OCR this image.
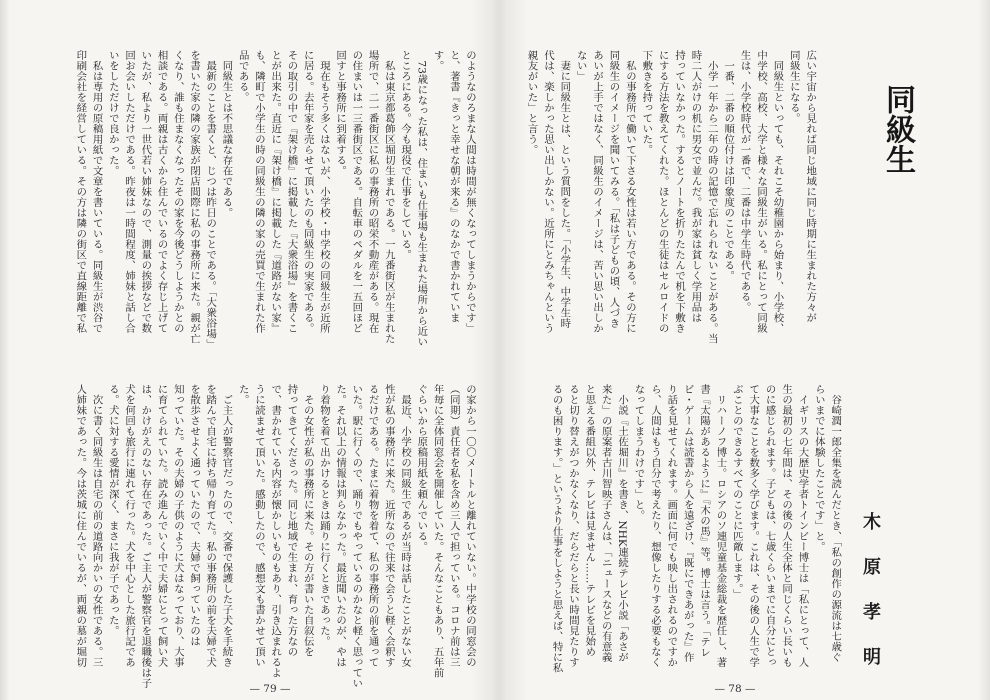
のようなのろまな人間は時間が無くなってしまうからです」
と、著書『きっと幸せな朝が来る』のなかで書かれていま
す。
　73歳になった私は、住まいも仕事場も生まれた場所から近い
ところにある。今も現役で仕事をしている。
　私は東京都葛飾区堀切生まれである。一九番街区が生まれた
場所で、二一番街区に私の事務所の昭栄不動産がある。現在
の住まいは一三番街区である。自転車のペダルを一五回ほど
回すと事務所に到着する。
　現在もそう多くはないが、小学校・中学校の同級生が近所
に居る。去年家を売らせて頂いたのも同級生の実家である。
その取引の中で『架け橋』に掲載した『大衆浴場』を書くこ
とが出来た。直近に『架け橋』に掲載した『道路がない家』
も、隣町で小学生の時の同級生の隣の家の売買で生まれた作
品である。
　同級生とは不思議な存在である。
　最新のことを書くと、じつは昨日のことである。「大衆浴場」
を書いた家の隣の家族が閉店間際に私の事務所に来た。親が亡
くなり、誰も住まなくなったその家を今後どうしようかとの
相談である。両親は古くから住んでいるのでよく存じ上げて
いたが、私より一世代若い姉妹なので、測量の挨拶などで数
回お会いしただけである。昨夜は一時間程度、姉妹と話し合
いをしただけで良かった。
　私は専用の原稿用紙で文章を書いている。同級生が渋谷で
印刷会社を経営している。その方は隣の街区で直線距離で私
の家から一〇〇メートルと離れていない。中学校の同窓会の
（同期）責任者を私を含め三人で担っている。コロナ前は三
年毎に全体同窓会を開催していた。そんなこともあり、五年前
ぐらいから原稿用紙を頼んでいる。
　最近、小学校の同級生であるが当時は話したことがない女
性が私の事務所に来た。近所なので往来で会うと軽く会釈す
るだけである。たまに着物を着て、私の事務所の前を通って
いた。駅に行くので、踊りでもやっているのかなと軽く思ってい
た。それ以上の情報は判らなかった。最近聞いたのが、やは
り着物を着て出かけるときは踊りに行くときであった。
　その女性が私の事務所に来た。その方が書いた自叙伝を
持ってきてくださった。同じ地域で生まれ、育った方なの
で、書かれている内容が懐かしいものもあり、引き込まれるよ
うに読ませて頂いた。感動したので、感想文も書かせて頂い
た。
　ご主人が警察官だったので、交番で保護した子犬を手続き
を踏んで自宅に持ち帰り育てた。私の事務所の前を夫婦で犬
を散歩させよく通っていたので、夫婦で飼っていたのは
知っていた。その夫婦の子供のように犬はなっており、大事
に育てられていた。読み進んでいく中で夫婦にとって飼い犬
は、かけがえのない存在であった。ご主人が警察官を退職後は子
犬を何回も旅行に連れて行った。犬を中心とした旅行記であ
る。犬に対する愛情が深く、まさに我が子であった。
　次に書く同級生は自宅の前の道路向かいの女性である。三
人姉妹であった。今は茨城に住んでいるが、両親の墓が堀切
— 79 —
同級生
木原孝明
広い宇宙から見れば同じ地域に同じ時期に生まれた方々が
同級生になる。
　同級生といっても、それこそ幼稚園から始まり、小学校、
中学校、高校、大学と様々な同級生がいる。私にとって同級
生は、小学校時代が一番で、二番は中学生時代である。
　一番、二番の順位付けは印象度のことである。
　小学一年から二年の時の記憶で忘れられないことがある。当
時二人がけの机に男女で並んだ。我が家は貧しく学用品は
持っていなかった。するとノートを折りたたんで机を下敷き
にする方法を教えてくれた。ほとんどの生徒はセルロイドの
下敷きを持っていた。
　私の事務所で働いて下さる女性は若い方である。その方に
同級生のイメージを聞いてみる。「私は子どもの頃、人づき
あいが上手ではなく、同級生のイメージは、苦い思い出しか
ない」
　妻に同級生とは、という質問をした。「小学生、中学生時
代は、楽しかった思い出しかない。近所にとみちゃんという
親友がいた」と言う。
　谷崎潤一郎全集を読んだとき、「私の創作の源流は七歳ぐ
らいまでに体験したことです」と。
　イギリスの大歴史学者トインビー博士は「私にとって、人
生の最初の七年間は、その後の人生全体と同じくらい長いも
のに感じられます。子どもは、七歳くらいまでに自分にとっ
て大事なことを数多く学びます。これは、その後の人生で学
ぶことのできるすべてのことに匹敵します。」
　リハーノフ博士。ロシアのソ連児童基金総裁を歴任し、著
書『太陽があるように』『木の馬』等。博士は言う。「テレ
ビ・ゲームは読書から人を遠ざけ、『既にできあがった』作
り話を見せてくれます。画面に何でも映し出されるのですか
ら、人間はもう自分で考えたり、想像したりする必要もなく
なってしまうわけです」と。
　小説『土佐堀川』を書き、NHK連続テレビ小説「あさが
来た」の原案者古川智映子さんは、「ニュースなどの有意義
と思える番組以外、テレビは見ません……テレビを見始め
ると切り替えがつかなくなり、だらだらと長い時間見たりす
るのも困ります。」というより仕事をしようと思えば、特に私
— 78 —
